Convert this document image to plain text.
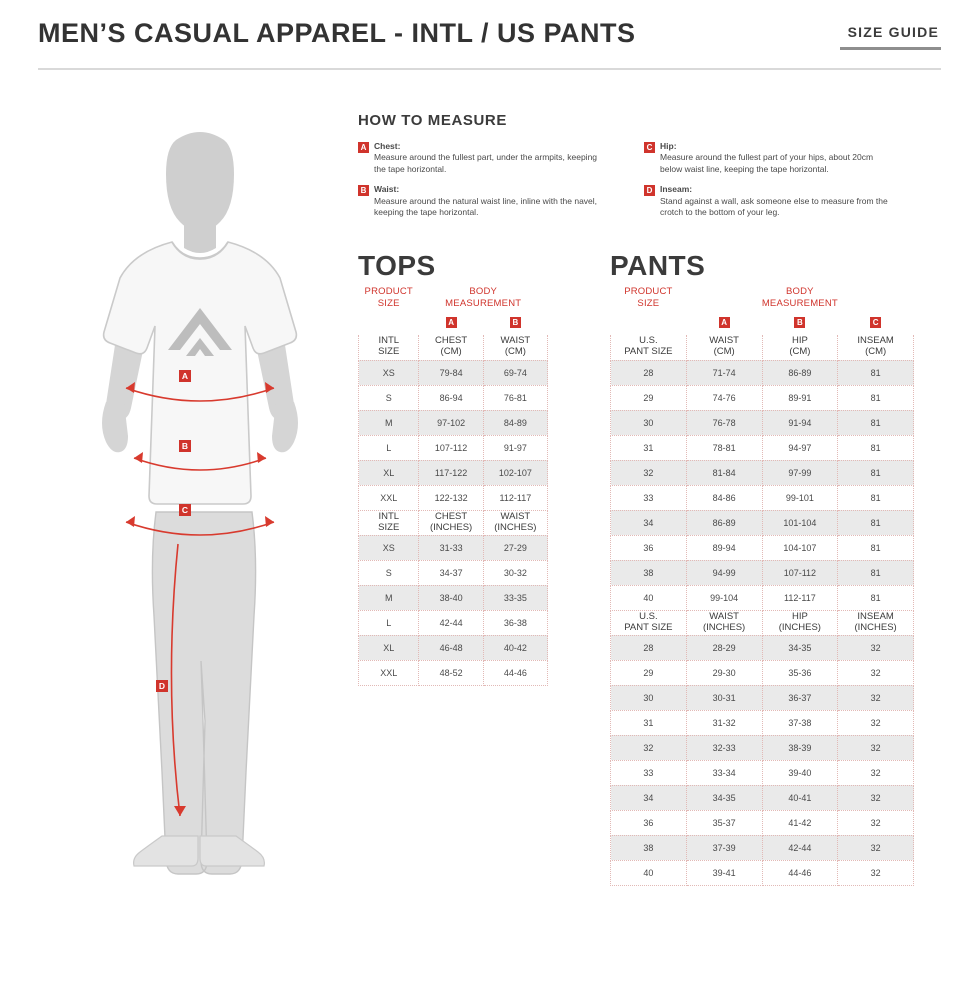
MEN’S CASUAL APPAREL - INTL / US PANTS	SIZE GUIDE
A
B
C
D
HOW TO MEASURE
A Chest:
Measure around the fullest part, under the armpits, keeping the tape horizontal.
B Waist:
Measure around the natural waist line, inline with the navel, keeping the tape horizontal.
C Hip:
Measure around the fullest part of your hips, about 20cm below waist line, keeping the tape horizontal.
D Inseam:
Stand against a wall, ask someone else to measure from the crotch to the bottom of your leg.
TOPS	PANTS
PRODUCT
SIZE	BODY
MEASUREMENT	
	A	B

INTL
SIZE

CHEST
(CM)

WAIST
(CM)

XS	79-84	69-74
S	86-94	76-81
M	97-102	84-89
L	107-112	91-97
XL	117-122	102-107
XXL	122-132	112-117

INTL
SIZE

CHEST
(INCHES)

WAIST
(INCHES)

XS	31-33	27-29
S	34-37	30-32
M	38-40	33-35
L	42-44	36-38
XL	46-48	40-42
XXL	48-52	44-46
PRODUCT
SIZE	BODY
MEASUREMENT		
	A	B	C

U.S.
PANT SIZE

WAIST
(CM)

HIP
(CM)

INSEAM
(CM)

28	71-74	86-89	81
29	74-76	89-91	81
30	76-78	91-94	81
31	78-81	94-97	81
32	81-84	97-99	81
33	84-86	99-101	81
34	86-89	101-104	81
36	89-94	104-107	81
38	94-99	107-112	81
40	99-104	112-117	81

U.S.
PANT SIZE

WAIST
(INCHES)

HIP
(INCHES)

INSEAM
(INCHES)

28	28-29	34-35	32
29	29-30	35-36	32
30	30-31	36-37	32
31	31-32	37-38	32
32	32-33	38-39	32
33	33-34	39-40	32
34	34-35	40-41	32
36	35-37	41-42	32
38	37-39	42-44	32
40	39-41	44-46	32
